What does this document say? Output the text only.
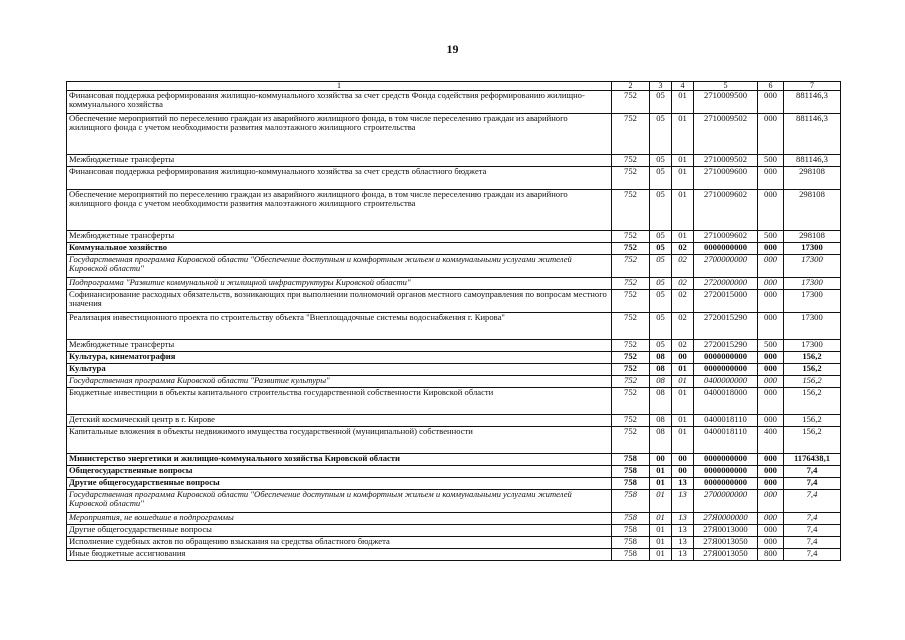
19
1	2	3	4	5	6	7
Финансовая поддержка реформирования жилищно-коммунального хозяйства за счет средств Фонда содействия реформированию жилищно-коммунального хозяйства	752	05	01	2710009500	000	881146,3
Обеспечение мероприятий по переселению граждан из аварийного жилищного фонда, в том числе переселению граждан из аварийного жилищного фонда с учетом необходимости развития малоэтажного жилищного строительства	752	05	01	2710009502	000	881146,3
Межбюджетные трансферты	752	05	01	2710009502	500	881146,3
Финансовая поддержка реформирования жилищно-коммунального хозяйства за счет средств областного бюджета	752	05	01	2710009600	000	298108
Обеспечение мероприятий по переселению граждан из аварийного жилищного фонда, в том числе переселению граждан из аварийного жилищного фонда с учетом необходимости развития малоэтажного жилищного строительства	752	05	01	2710009602	000	298108
Межбюджетные трансферты	752	05	01	2710009602	500	298108
Коммунальное хозяйство	752	05	02	0000000000	000	17300
Государственная программа Кировской области "Обеспечение доступным и комфортным жильем и коммунальными услугами жителей Кировской области"	752	05	02	2700000000	000	17300
Подпрограмма "Развитие коммунальной и жилищной инфраструктуры Кировской области"	752	05	02	2720000000	000	17300
Софинансирование расходных обязательств, возникающих при выполнении полномочий органов местного самоуправления по вопросам местного значения	752	05	02	2720015000	000	17300
Реализация инвестиционного проекта по строительству объекта "Внеплощадочные системы водоснабжения г. Кирова"	752	05	02	2720015290	000	17300
Межбюджетные трансферты	752	05	02	2720015290	500	17300
Культура, кинематография	752	08	00	0000000000	000	156,2
Культура	752	08	01	0000000000	000	156,2
Государственная программа Кировской области "Развитие культуры"	752	08	01	0400000000	000	156,2
Бюджетные инвестиции в объекты капитального строительства государственной собственности Кировской области	752	08	01	0400018000	000	156,2
Детский космический центр в г. Кирове	752	08	01	0400018110	000	156,2
Капитальные вложения в объекты недвижимого имущества государственной (муниципальной) собственности	752	08	01	0400018110	400	156,2
Министерство энергетики и жилищно-коммунального хозяйства Кировской области	758	00	00	0000000000	000	1176438,1
Общегосударственные вопросы	758	01	00	0000000000	000	7,4
Другие общегосударственные вопросы	758	01	13	0000000000	000	7,4
Государственная программа Кировской области "Обеспечение доступным и комфортным жильем и коммунальными услугами жителей Кировской области"	758	01	13	2700000000	000	7,4
Мероприятия, не вошедшие в подпрограммы	758	01	13	27Я0000000	000	7,4
Другие общегосударственные вопросы	758	01	13	27Я0013000	000	7,4
Исполнение судебных актов по обращению взыскания на средства областного бюджета	758	01	13	27Я0013050	000	7,4
Иные бюджетные ассигнования	758	01	13	27Я0013050	800	7,4
